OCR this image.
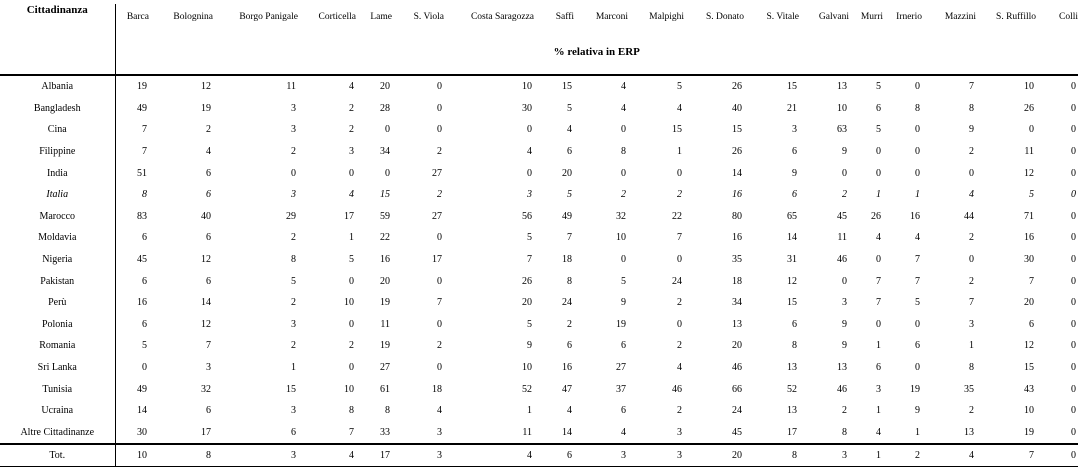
Cittadinanza	Barca	Bolognina	Borgo Panigale	Corticella	Lame	S. Viola	Costa Saragozza	Saffi	Marconi	Malpighi	S. Donato	S. Vitale	Galvani	Murri	Irnerio	Mazzini	S. Ruffillo	Colli
	% relativa in ERP																	

Albania	19	12	11	4	20	0	10	15	4	5	26	15	13	5	0	7	10	0
Bangladesh	49	19	3	2	28	0	30	5	4	4	40	21	10	6	8	8	26	0
Cina	7	2	3	2	0	0	0	4	0	15	15	3	63	5	0	9	0	0
Filippine	7	4	2	3	34	2	4	6	8	1	26	6	9	0	0	2	11	0
India	51	6	0	0	0	27	0	20	0	0	14	9	0	0	0	0	12	0
Italia	8	6	3	4	15	2	3	5	2	2	16	6	2	1	1	4	5	0
Marocco	83	40	29	17	59	27	56	49	32	22	80	65	45	26	16	44	71	0
Moldavia	6	6	2	1	22	0	5	7	10	7	16	14	11	4	4	2	16	0
Nigeria	45	12	8	5	16	17	7	18	0	0	35	31	46	0	7	0	30	0
Pakistan	6	6	5	0	20	0	26	8	5	24	18	12	0	7	7	2	7	0
Perù	16	14	2	10	19	7	20	24	9	2	34	15	3	7	5	7	20	0
Polonia	6	12	3	0	11	0	5	2	19	0	13	6	9	0	0	3	6	0
Romania	5	7	2	2	19	2	9	6	6	2	20	8	9	1	6	1	12	0
Sri Lanka	0	3	1	0	27	0	10	16	27	4	46	13	13	6	0	8	15	0
Tunisia	49	32	15	10	61	18	52	47	37	46	66	52	46	3	19	35	43	0
Ucraina	14	6	3	8	8	4	1	4	6	2	24	13	2	1	9	2	10	0
Altre Cittadinanze	30	17	6	7	33	3	11	14	4	3	45	17	8	4	1	13	19	0
Tot.	10	8	3	4	17	3	4	6	3	3	20	8	3	1	2	4	7	0
